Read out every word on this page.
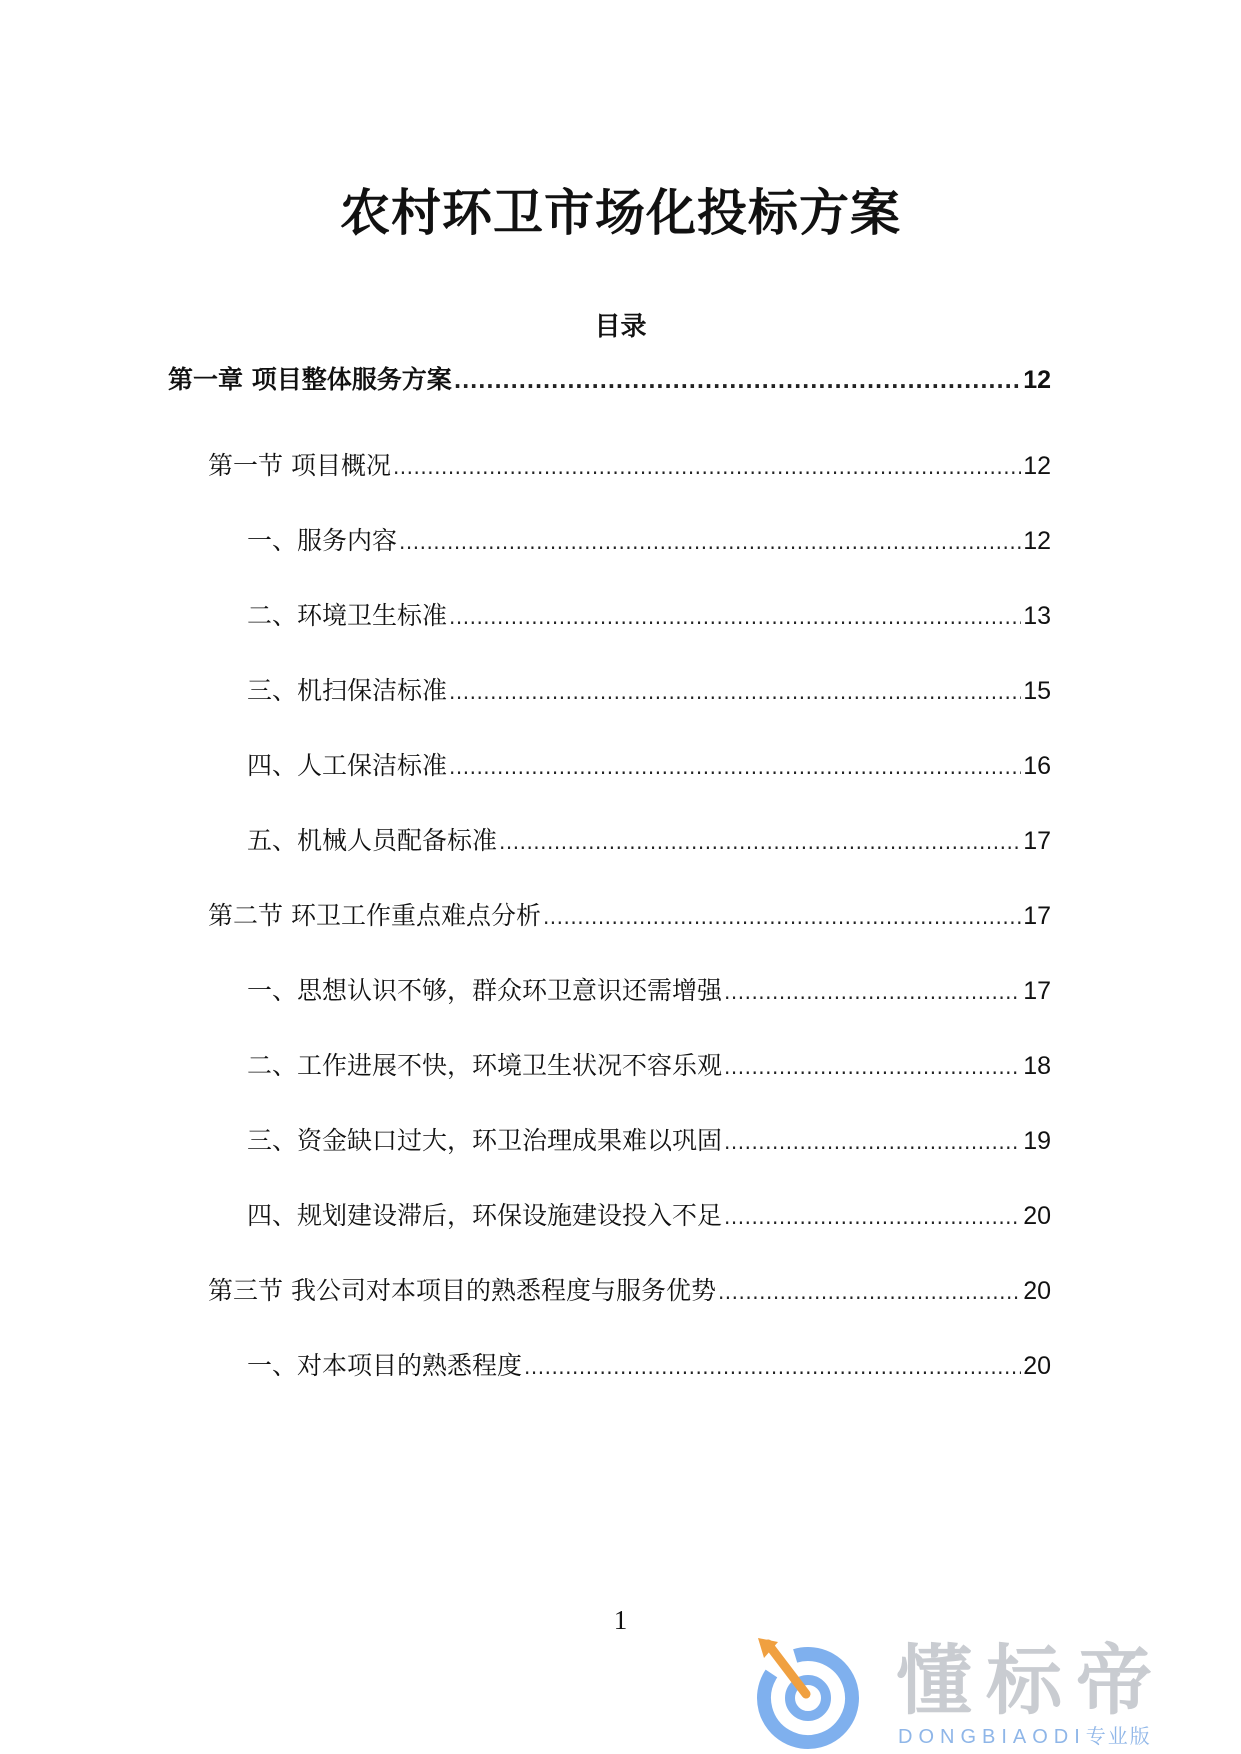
农村环卫市场化投标方案
目录
第一章 项目整体服务方案 .....	12
第一节 项目概况 .....	12
一、服务内容 .....	12
二、环境卫生标准 .....	13
三、机扫保洁标准 .....	15
四、人工保洁标准 .....	16
五、机械人员配备标准 .....	17
第二节 环卫工作重点难点分析 .....	17
一、思想认识不够，群众环卫意识还需增强 .....	17
二、工作进展不快，环境卫生状况不容乐观 .....	18
三、资金缺口过大，环卫治理成果难以巩固 .....	19
四、规划建设滞后，环保设施建设投入不足 .....	20
第三节 我公司对本项目的熟悉程度与服务优势 .....	20
一、对本项目的熟悉程度 .....	20
1
懂标帝
DONGBIAODI专业版
